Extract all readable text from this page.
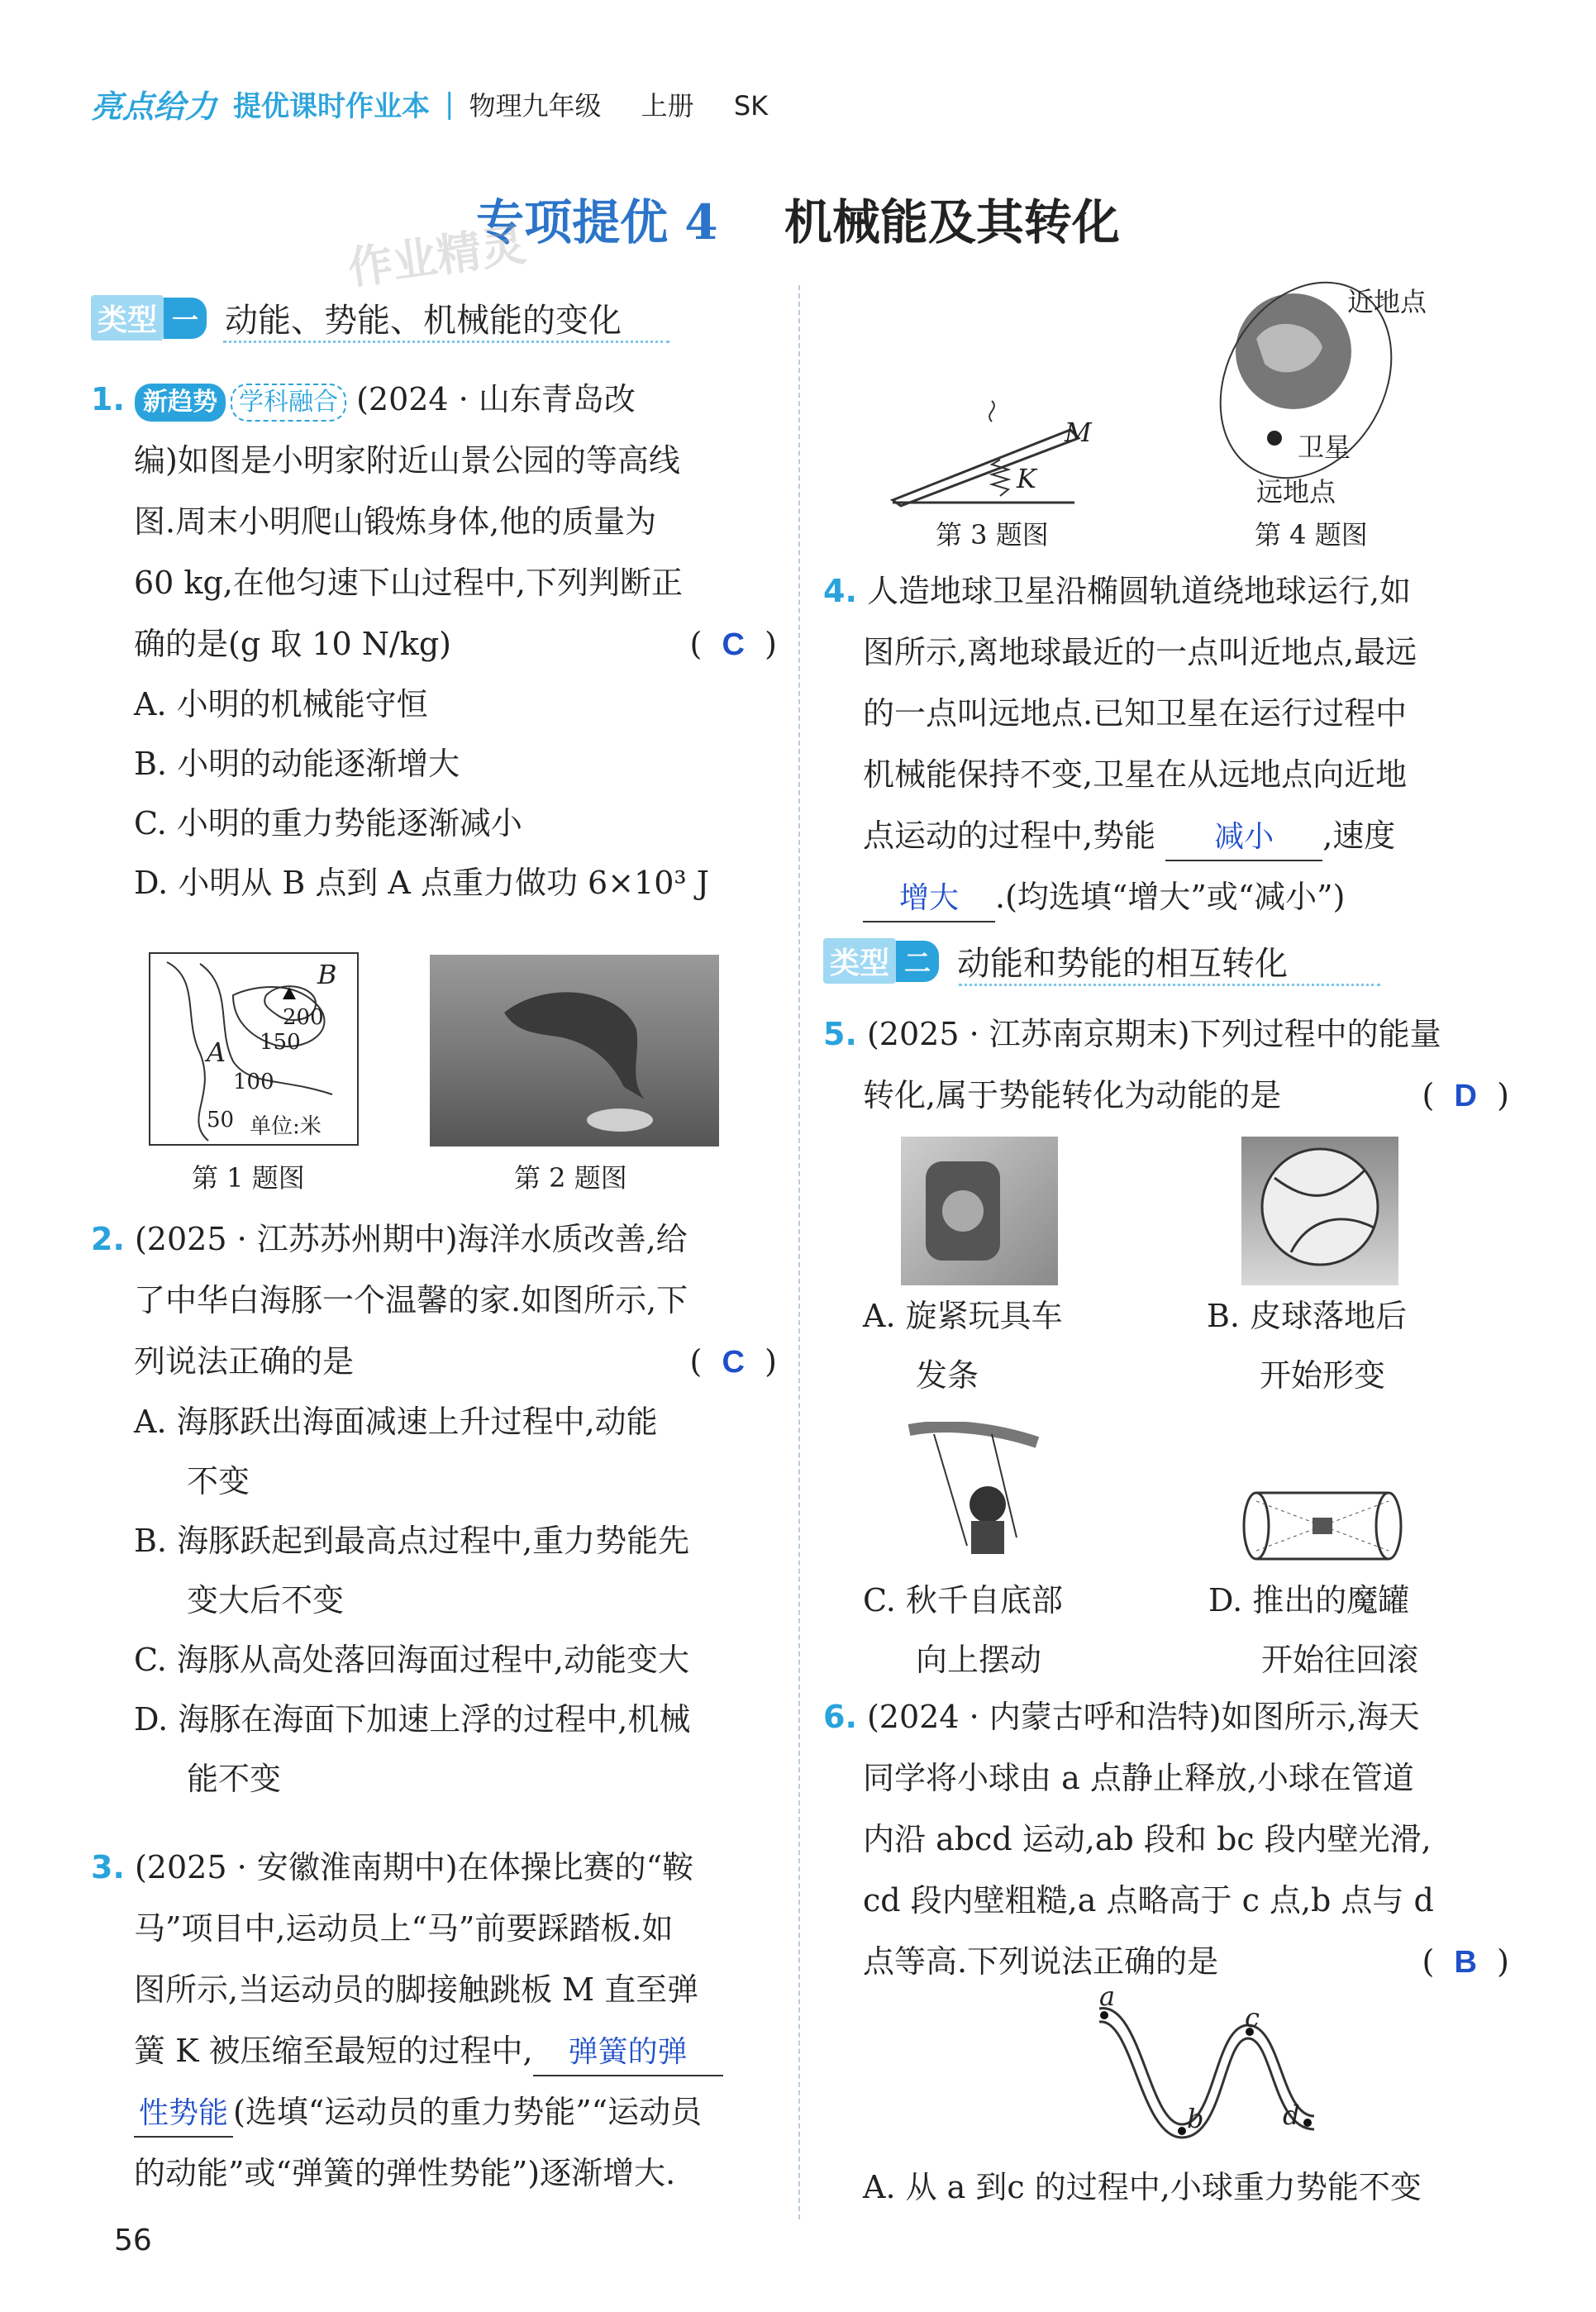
亮点给力 提优课时作业本 | 物理九年级 上册 SK
专项提优 4 机械能及其转化
作业精灵
类型 一 动能、势能、机械能的变化
1. 新趋势 学科融合 (2024 · 山东青岛改
编)如图是小明家附近山景公园的等高线
图.周末小明爬山锻炼身体,他的质量为
60 kg,在他匀速下山过程中,下列判断正
确的是(g 取 10 N/kg)	( C )
A. 小明的机械能守恒
B. 小明的动能逐渐增大
C. 小明的重力势能逐渐减小
D. 小明从 B 点到 A 点重力做功 6×10³ J
B
A
200
150
100
50 单位:米
第 1 题图	第 2 题图
2. (2025 · 江苏苏州期中)海洋水质改善,给
了中华白海豚一个温馨的家.如图所示,下
列说法正确的是	( C )
A. 海豚跃出海面减速上升过程中,动能
不变
B. 海豚跃起到最高点过程中,重力势能先
变大后不变
C. 海豚从高处落回海面过程中,动能变大
D. 海豚在海面下加速上浮的过程中,机械
能不变
3. (2025 · 安徽淮南期中)在体操比赛的“鞍
马”项目中,运动员上“马”前要踩踏板.如
图所示,当运动员的脚接触跳板 M 直至弹
簧 K 被压缩至最短的过程中, 弹簧的弹
性势能 (选填“运动员的重力势能”“运动员
的动能”或“弹簧的弹性势能”)逐渐增大.
56
M
K
第 3 题图
近地点
卫星
远地点
第 4 题图
4. 人造地球卫星沿椭圆轨道绕地球运行,如
图所示,离地球最近的一点叫近地点,最远
的一点叫远地点.已知卫星在运行过程中
机械能保持不变,卫星在从远地点向近地
点运动的过程中,势能 减小 ,速度
增大 .(均选填“增大”或“减小”)
类型 二 动能和势能的相互转化
5. (2025 · 江苏南京期末)下列过程中的能量
转化,属于势能转化为动能的是	( D )
A. 旋紧玩具车
发条
B. 皮球落地后
开始形变
C. 秋千自底部
向上摆动
D. 推出的魔罐
开始往回滚
6. (2024 · 内蒙古呼和浩特)如图所示,海天
同学将小球由 a 点静止释放,小球在管道
内沿 abcd 运动,ab 段和 bc 段内壁光滑,
cd 段内壁粗糙,a 点略高于 c 点,b 点与 d
点等高.下列说法正确的是	( B )
a
b
c
d
A. 从 a 到c 的过程中,小球重力势能不变
